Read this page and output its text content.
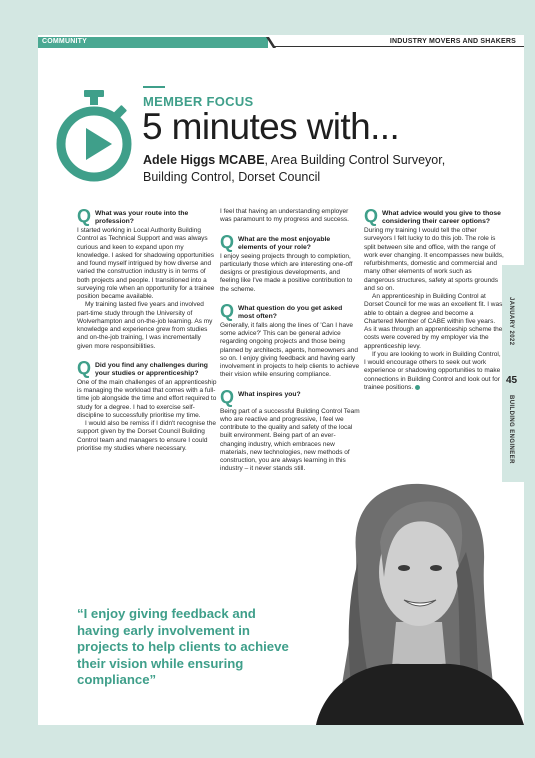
COMMUNITY	INDUSTRY MOVERS AND SHAKERS
JANUARY 2022
45
BUILDING ENGINEER
MEMBER FOCUS
5 minutes with...
Adele Higgs MCABE, Area Building Control Surveyor, Building Control, Dorset Council
Q What was your route into the profession?

I started working in Local Authority Building Control as Technical Support and was always curious and keen to expand upon my knowledge. I asked for shadowing opportunities and found myself intrigued by how diverse and varied the construction industry is in terms of both projects and people. I transitioned into a surveying role when an opportunity for a trainee position became available.

My training lasted five years and involved part-time study through the University of Wolverhampton and on-the-job learning. As my knowledge and experience grew from studies and on-the-job training, I was incrementally given more responsibilities.

Q Did you find any challenges during your studies or apprenticeship?

One of the main challenges of an apprenticeship is managing the workload that comes with a full-time job alongside the time and effort required to study for a degree. I had to exercise self-discipline to successfully prioritise my time.

I would also be remiss if I didn't recognise the support given by the Dorset Council Building Control team and managers to ensure I could prioritise my studies where necessary.

I feel that having an understanding employer was paramount to my progress and success.

Q What are the most enjoyable elements of your role?

I enjoy seeing projects through to completion, particularly those which are interesting one-off designs or prestigious developments, and feeling like I've made a positive contribution to the scheme.

Q What question do you get asked most often?

Generally, it falls along the lines of 'Can I have some advice?' This can be general advice regarding ongoing projects and those being planned by architects, agents, homeowners and so on. I enjoy giving feedback and having early involvement in projects to help clients to achieve their vision while ensuring compliance.

Q What inspires you?

Being part of a successful Building Control Team who are reactive and progressive, I feel we contribute to the quality and safety of the local built environment. Being part of an ever-changing industry, which embraces new materials, new technologies, new methods of construction, you are always learning in this industry – it never stands still.

Q What advice would you give to those considering their career options?

During my training I would tell the other surveyors I felt lucky to do this job. The role is split between site and office, with the range of work ever changing. It encompasses new builds, refurbishments, domestic and commercial and many other elements of work such as dangerous structures, safety at sports grounds and so on.

An apprenticeship in Building Control at Dorset Council for me was an excellent fit. I was able to obtain a degree and become a Chartered Member of CABE within five years. As it was through an apprenticeship scheme the costs were covered by my employer via the apprenticeship levy.

If you are looking to work in Building Control, I would encourage others to seek out work experience or shadowing opportunities to make connections in Building Control and look out for trainee positions.

“I enjoy giving feedback and having early involvement in projects to help clients to achieve their vision while ensuring compliance”
